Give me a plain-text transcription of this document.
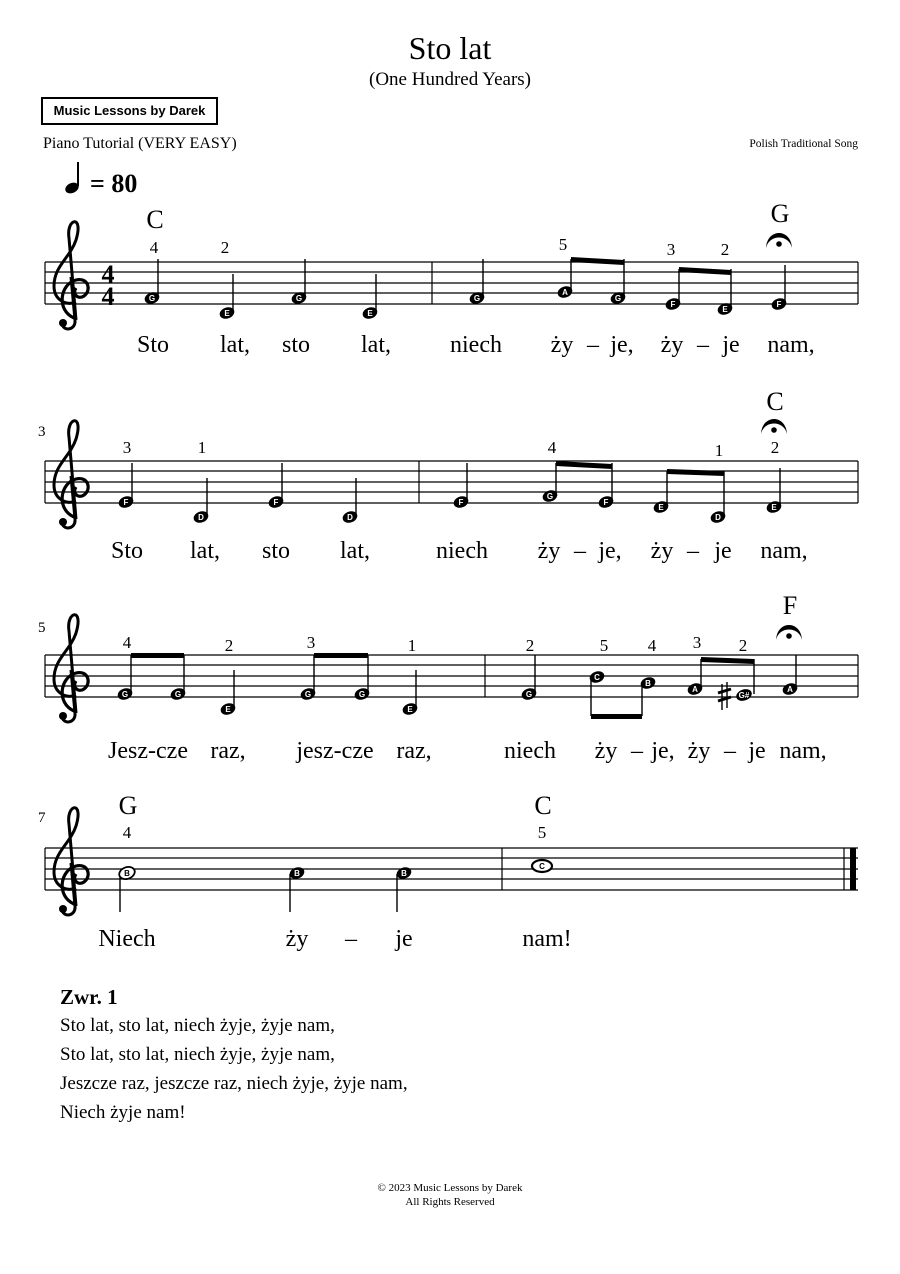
Sto lat
(One Hundred Years)
Music Lessons by Darek
Piano Tutorial (VERY EASY)	Polish Traditional Song
= 80
4
4
C	G
4	2	5	3	2
G
E
G
E
G
A
G
F
E
F
Sto lat, sto lat, niech ży – je, ży – je nam,
3
C
3	1	4	1	2
F
D
F
D
F
G
F
E
D
E
Sto lat, sto lat,	niech ży – je, ży – je nam,
5
F
4	2	3	1	2	5 4 3 2
G	G
E
G	G
E
G
C
B
A
G#
A
Jesz-cze raz, jesz-cze raz,	niech ży – je, ży – je nam,
7	G	C
4	5
B	B	B
C
Niech	ży – je	nam!
Zwr. 1
Sto lat, sto lat, niech żyje, żyje nam,
Sto lat, sto lat, niech żyje, żyje nam,
Jeszcze raz, jeszcze raz, niech żyje, żyje nam,
Niech żyje nam!
© 2023 Music Lessons by Darek
All Rights Reserved
